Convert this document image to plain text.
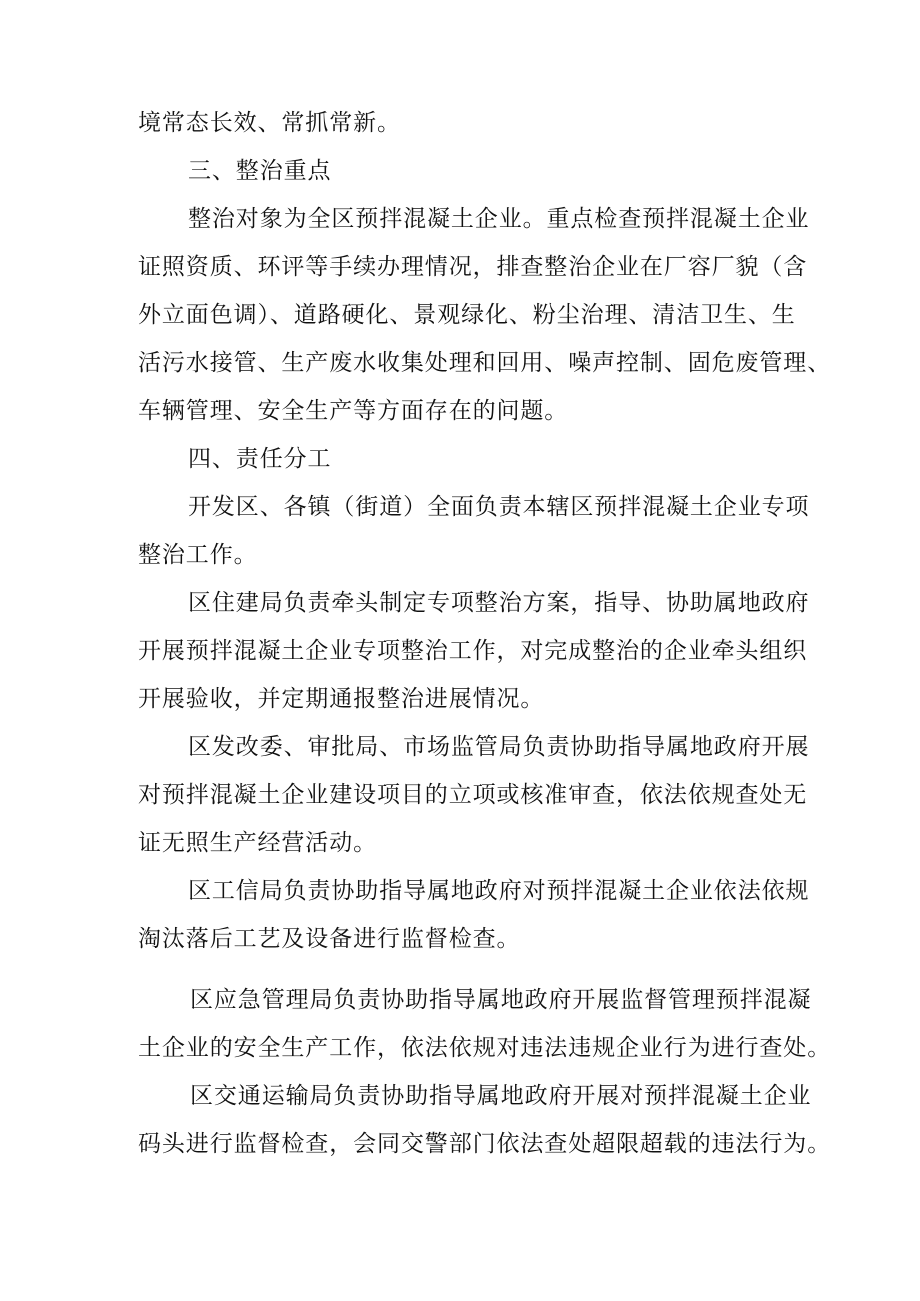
境常态长效、常抓常新。
三、整治重点
整治对象为全区预拌混凝土企业。重点检查预拌混凝土企业
证照资质、环评等手续办理情况，排查整治企业在厂容厂貌（含
外立面色调）、道路硬化、景观绿化、粉尘治理、清洁卫生、生
活污水接管、生产废水收集处理和回用、噪声控制、固危废管理、
车辆管理、安全生产等方面存在的问题。
四、责任分工
开发区、各镇（街道）全面负责本辖区预拌混凝土企业专项
整治工作。
区住建局负责牵头制定专项整治方案，指导、协助属地政府
开展预拌混凝土企业专项整治工作，对完成整治的企业牵头组织
开展验收，并定期通报整治进展情况。
区发改委、审批局、市场监管局负责协助指导属地政府开展
对预拌混凝土企业建设项目的立项或核准审查，依法依规查处无
证无照生产经营活动。
区工信局负责协助指导属地政府对预拌混凝土企业依法依规
淘汰落后工艺及设备进行监督检查。
区应急管理局负责协助指导属地政府开展监督管理预拌混凝
土企业的安全生产工作，依法依规对违法违规企业行为进行查处。
区交通运输局负责协助指导属地政府开展对预拌混凝土企业
码头进行监督检查，会同交警部门依法查处超限超载的违法行为。
